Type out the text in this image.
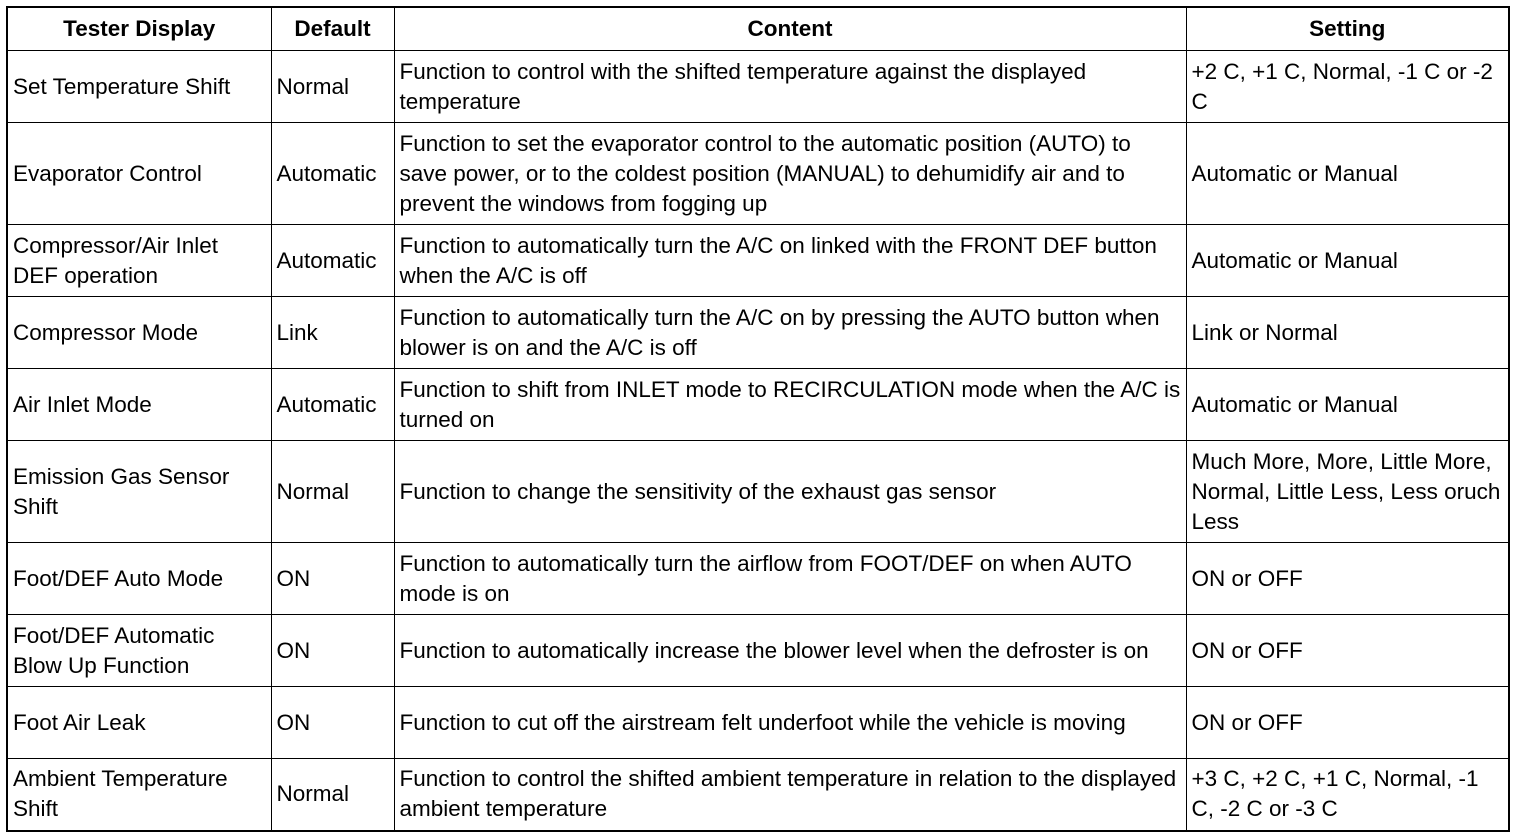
Tester Display	Default	Content	Setting
Set Temperature Shift	Normal	Function to control with the shifted temperature against the displayed temperature	+2 C, +1 C, Normal, -1 C or -2 C
Evaporator Control	Automatic	Function to set the evaporator control to the automatic position (AUTO) to save power, or to the coldest position (MANUAL) to dehumidify air and to prevent the windows from fogging up	Automatic or Manual
Compressor/Air Inlet DEF operation	Automatic	Function to automatically turn the A/C on linked with the FRONT DEF button when the A/C is off	Automatic or Manual
Compressor Mode	Link	Function to automatically turn the A/C on by pressing the AUTO button when blower is on and the A/C is off	Link or Normal
Air Inlet Mode	Automatic	Function to shift from INLET mode to RECIRCULATION mode when the A/C is turned on	Automatic or Manual
Emission Gas Sensor Shift	Normal	Function to change the sensitivity of the exhaust gas sensor	Much More, More, Little More, Normal, Little Less, Less oruch Less
Foot/DEF Auto Mode	ON	Function to automatically turn the airflow from FOOT/DEF on when AUTO mode is on	ON or OFF
Foot/DEF Automatic Blow Up Function	ON	Function to automatically increase the blower level when the defroster is on	ON or OFF
Foot Air Leak	ON	Function to cut off the airstream felt underfoot while the vehicle is moving	ON or OFF
Ambient Temperature Shift	Normal	Function to control the shifted ambient temperature in relation to the displayed ambient temperature	+3 C, +2 C, +1 C, Normal, -1 C, -2 C or -3 C
